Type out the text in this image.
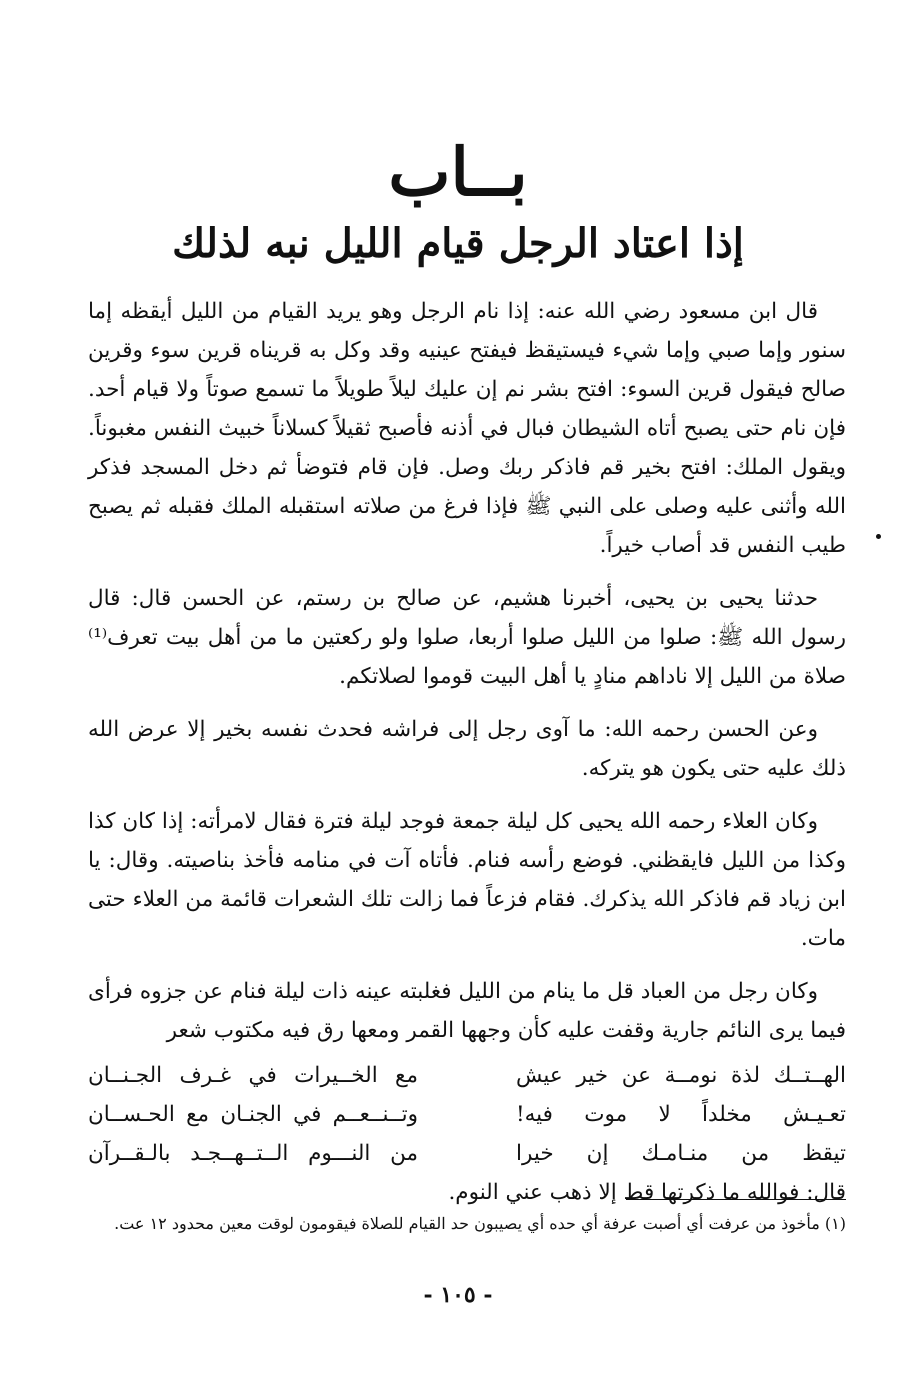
بــاب
إذا اعتاد الرجل قيام الليل نبه لذلك

قال ابن مسعود رضي الله عنه: إذا نام الرجل وهو يريد القيام من الليل أيقظه إما سنور وإما صبي وإما شيء فيستيقظ فيفتح عينيه وقد وكل به قريناه قرين سوء وقرين صالح فيقول قرين السوء: افتح بشر نم إن عليك ليلاً طويلاً ما تسمع صوتاً ولا قيام أحد. فإن نام حتى يصبح أتاه الشيطان فبال في أذنه فأصبح ثقيلاً كسلاناً خبيث النفس مغبوناً. ويقول الملك: افتح بخير قم فاذكر ربك وصل. فإن قام فتوضأ ثم دخل المسجد فذكر الله وأثنى عليه وصلى على النبي ﷺ فإذا فرغ من صلاته استقبله الملك فقبله ثم يصبح طيب النفس قد أصاب خيراً.

حدثنا يحيى بن يحيى، أخبرنا هشيم، عن صالح بن رستم، عن الحسن قال: قال رسول الله ﷺ: صلوا من الليل صلوا أربعا، صلوا ولو ركعتين ما من أهل بيت تعرف⁽¹⁾ صلاة من الليل إلا ناداهم منادٍ يا أهل البيت قوموا لصلاتكم.

وعن الحسن رحمه الله: ما آوى رجل إلى فراشه فحدث نفسه بخير إلا عرض الله ذلك عليه حتى يكون هو يتركه.

وكان العلاء رحمه الله يحيى كل ليلة جمعة فوجد ليلة فترة فقال لامرأته: إذا كان كذا وكذا من الليل فايقظني. فوضع رأسه فنام. فأتاه آت في منامه فأخذ بناصيته. وقال: يا ابن زياد قم فاذكر الله يذكرك. فقام فزعاً فما زالت تلك الشعرات قائمة من العلاء حتى مات.

وكان رجل من العباد قل ما ينام من الليل فغلبته عينه ذات ليلة فنام عن جزوه فرأى فيما يرى النائم جارية وقفت عليه كأن وجهها القمر ومعها رق فيه مكتوب شعر

الهــتــك لذة نومــة عن خير عيش
مع الخــيرات في غـرف الجـنــان
تعـيـش مخلداً لا موت فيه!
وتــنــعــم في الجنـان مع الحـســان
تيقظ من منـامـك إن خيرا
من النـــوم الــتــهــجـد بالـقــرآن

قال: فوالله ما ذكرتها قط إلا ذهب عني النوم.

(١) مأخوذ من عرفت أي أصبت عرفة أي حده أي يصيبون حد القيام للصلاة فيقومون لوقت معين محدود ١٢ عت.
- ١٠٥ -
